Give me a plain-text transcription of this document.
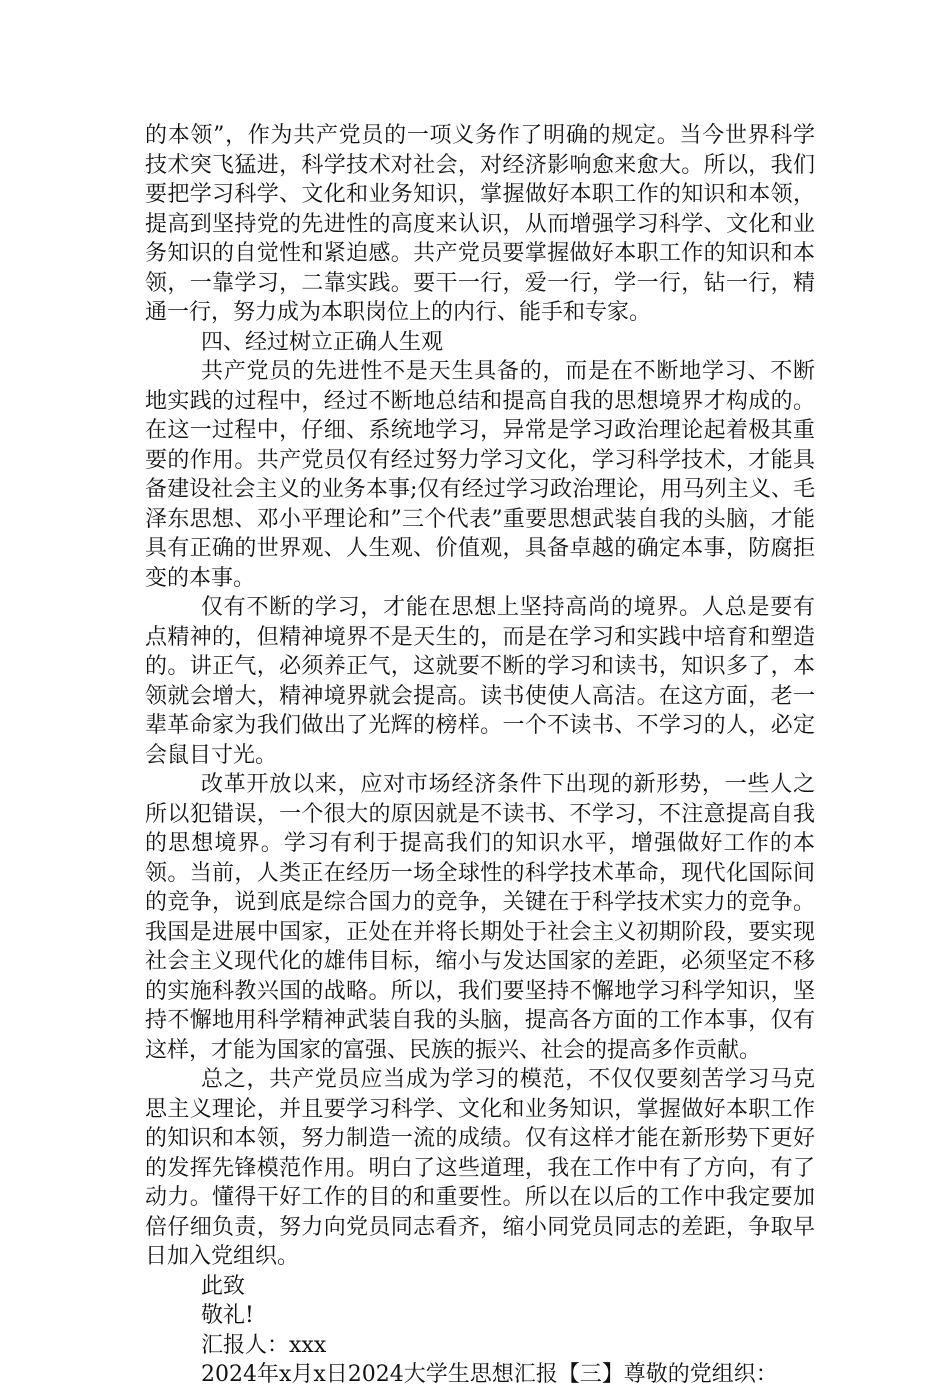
的本领”，作为共产党员的一项义务作了明确的规定。当今世界科学技术突飞猛进，科学技术对社会，对经济影响愈来愈大。所以，我们要把学习科学、文化和业务知识，掌握做好本职工作的知识和本领，提高到坚持党的先进性的高度来认识，从而增强学习科学、文化和业务知识的自觉性和紧迫感。共产党员要掌握做好本职工作的知识和本领，一靠学习，二靠实践。要干一行，爱一行，学一行，钻一行，精通一行，努力成为本职岗位上的内行、能手和专家。

四、经过树立正确人生观

共产党员的先进性不是天生具备的，而是在不断地学习、不断地实践的过程中，经过不断地总结和提高自我的思想境界才构成的。在这一过程中，仔细、系统地学习，异常是学习政治理论起着极其重要的作用。共产党员仅有经过努力学习文化，学习科学技术，才能具备建设社会主义的业务本事;仅有经过学习政治理论，用马列主义、毛泽东思想、邓小平理论和”三个代表”重要思想武装自我的头脑，才能具有正确的世界观、人生观、价值观，具备卓越的确定本事，防腐拒变的本事。

仅有不断的学习，才能在思想上坚持高尚的境界。人总是要有点精神的，但精神境界不是天生的，而是在学习和实践中培育和塑造的。讲正气，必须养正气，这就要不断的学习和读书，知识多了，本领就会增大，精神境界就会提高。读书使使人高洁。在这方面，老一辈革命家为我们做出了光辉的榜样。一个不读书、不学习的人，必定会鼠目寸光。

改革开放以来，应对市场经济条件下出现的新形势，一些人之所以犯错误，一个很大的原因就是不读书、不学习，不注意提高自我的思想境界。学习有利于提高我们的知识水平，增强做好工作的本领。当前，人类正在经历一场全球性的科学技术革命，现代化国际间的竞争，说到底是综合国力的竞争，关键在于科学技术实力的竞争。我国是进展中国家，正处在并将长期处于社会主义初期阶段，要实现社会主义现代化的雄伟目标，缩小与发达国家的差距，必须坚定不移的实施科教兴国的战略。所以，我们要坚持不懈地学习科学知识，坚持不懈地用科学精神武装自我的头脑，提高各方面的工作本事，仅有这样，才能为国家的富强、民族的振兴、社会的提高多作贡献。

总之，共产党员应当成为学习的模范，不仅仅要刻苦学习马克思主义理论，并且要学习科学、文化和业务知识，掌握做好本职工作的知识和本领，努力制造一流的成绩。仅有这样才能在新形势下更好的发挥先锋模范作用。明白了这些道理，我在工作中有了方向，有了动力。懂得干好工作的目的和重要性。所以在以后的工作中我定要加倍仔细负责，努力向党员同志看齐，缩小同党员同志的差距，争取早日加入党组织。

此致

敬礼!

汇报人：xxx

2024年x月x日2024大学生思想汇报【三】尊敬的党组织：
